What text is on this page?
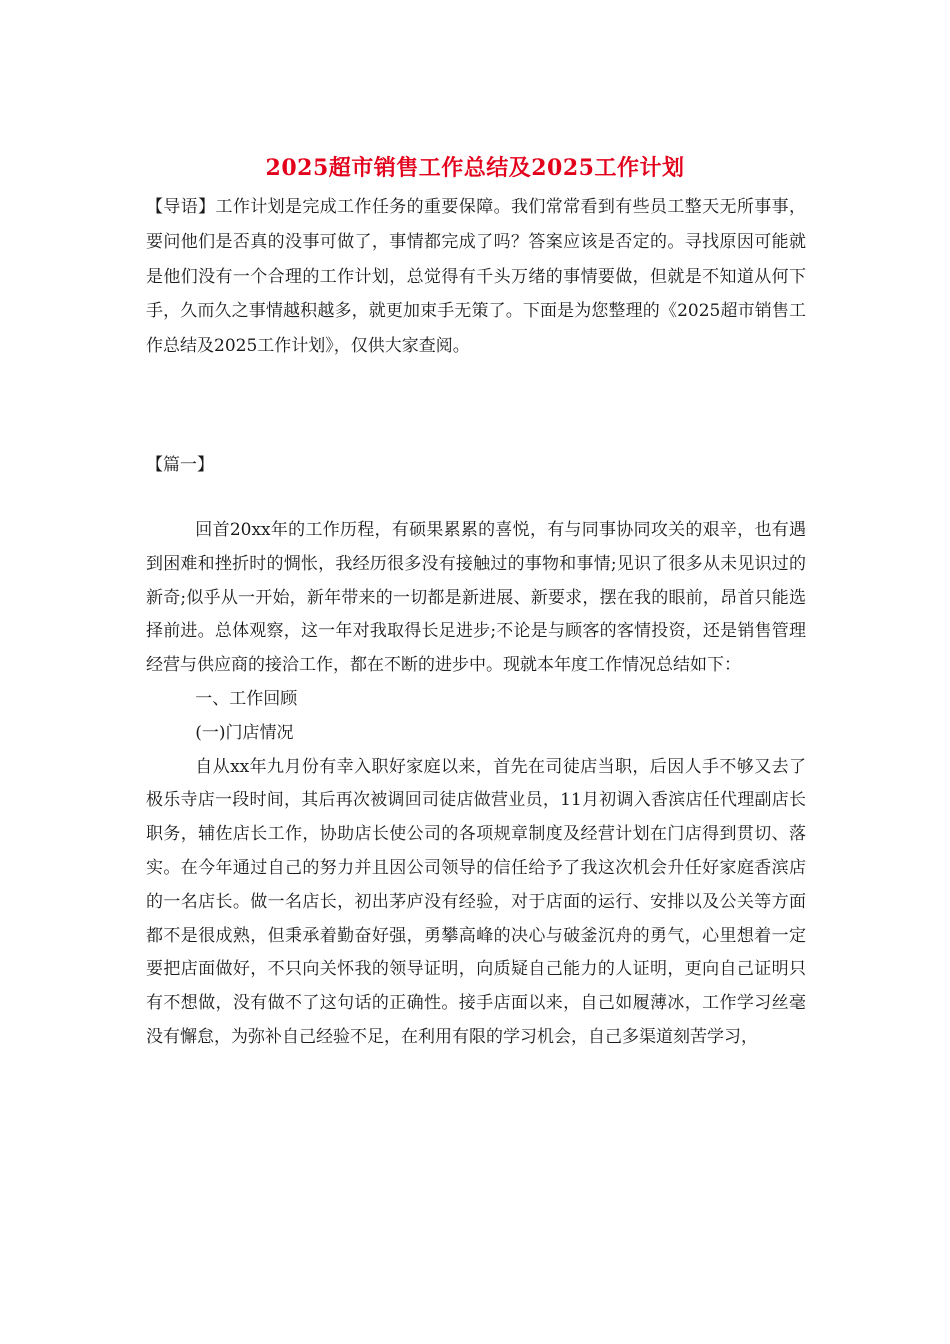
2025超市销售工作总结及2025工作计划
【导语】工作计划是完成工作任务的重要保障。我们常常看到有些员工整天无所事事，要问他们是否真的没事可做了，事情都完成了吗？答案应该是否定的。寻找原因可能就是他们没有一个合理的工作计划，总觉得有千头万绪的事情要做，但就是不知道从何下手，久而久之事情越积越多，就更加束手无策了。下面是为您整理的《2025超市销售工作总结及2025工作计划》，仅供大家查阅。
【篇一】

回首20xx年的工作历程，有硕果累累的喜悦，有与同事协同攻关的艰辛，也有遇到困难和挫折时的惆怅，我经历很多没有接触过的事物和事情;见识了很多从未见识过的新奇;似乎从一开始，新年带来的一切都是新进展、新要求，摆在我的眼前，昂首只能选择前进。总体观察，这一年对我取得长足进步;不论是与顾客的客情投资，还是销售管理经营与供应商的接洽工作，都在不断的进步中。现就本年度工作情况总结如下：

一、工作回顾

(一)门店情况

自从xx年九月份有幸入职好家庭以来，首先在司徒店当职，后因人手不够又去了极乐寺店一段时间，其后再次被调回司徒店做营业员，11月初调入香滨店任代理副店长职务，辅佐店长工作，协助店长使公司的各项规章制度及经营计划在门店得到贯切、落实。在今年通过自己的努力并且因公司领导的信任给予了我这次机会升任好家庭香滨店的一名店长。做一名店长，初出茅庐没有经验，对于店面的运行、安排以及公关等方面都不是很成熟，但秉承着勤奋好强，勇攀高峰的决心与破釜沉舟的勇气，心里想着一定要把店面做好，不只向关怀我的领导证明，向质疑自己能力的人证明，更向自己证明只有不想做，没有做不了这句话的正确性。接手店面以来，自己如履薄冰，工作学习丝毫没有懈怠，为弥补自己经验不足，在利用有限的学习机会，自己多渠道刻苦学习，
